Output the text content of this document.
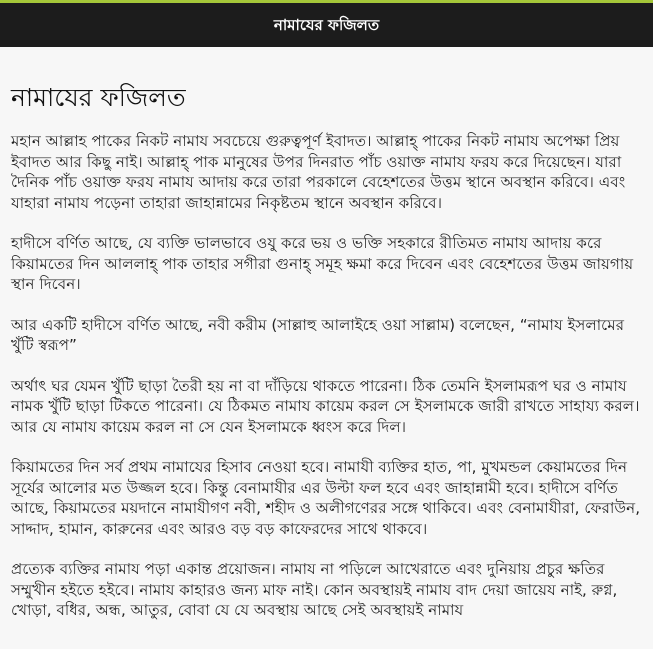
নামাযের ফজিলত
নামাযের ফজিলত

মহান আল্লাহ পাকের নিকট নামায সবচেয়ে গুরুত্বপূর্ণ ইবাদত। আল্লাহ্‌ পাকের নিকট নামায অপেক্ষা প্রিয় ইবাদত আর কিছু নাই। আল্লাহ্‌ পাক মানুষের উপর দিনরাত পাঁচ ওয়াক্ত নামায ফরয করে দিয়েছেন। যারা দৈনিক পাঁচ ওয়াক্ত ফরয নামায আদায় করে তারা পরকালে বেহেশতের উত্তম স্থানে অবস্থান করিবে। এবং যাহারা নামায পড়েনা তাহারা জাহান্নামের নিকৃষ্টতম স্থানে অবস্থান করিবে।

হাদীসে বর্ণিত আছে, যে ব্যক্তি ভালভাবে ওযু করে ভয় ও ভক্তি সহকারে রীতিমত নামায আদায় করে কিয়ামতের দিন আললাহ্‌ পাক তাহার সগীরা গুনাহ্‌ সমূহ ক্ষমা করে দিবেন এবং বেহেশতের উত্তম জায়গায় স্থান দিবেন।

আর একটি হাদীসে বর্ণিত আছে, নবী করীম (সাল্লাহু আলাইহে ওয়া সাল্লাম) বলেছেন, “নামায ইসলামের খুঁটি স্বরূপ”

অর্থাৎ ঘর যেমন খুঁটি ছাড়া তৈরী হয় না বা দাঁড়িয়ে থাকতে পারেনা। ঠিক তেমনি ইসলামরূপ ঘর ও নামায নামক খুঁটি ছাড়া টিকতে পারেনা। যে ঠিকমত নামায কায়েম করল সে ইসলামকে জারী রাখতে সাহায্য করল। আর যে নামায কায়েম করল না সে যেন ইসলামকে ধ্বংস করে দিল।

কিয়ামতের দিন সর্ব প্রথম নামাযের হিসাব নেওয়া হবে। নামাযী ব্যক্তির হাত, পা, মুখমন্ডল কেয়ামতের দিন সূর্যের আলোর মত উজ্জল হবে। কিন্তু বেনামাযীর এর উল্টা ফল হবে এবং জাহান্নামী হবে। হাদীসে বর্ণিত আছে, কিয়ামতের ময়দানে নামাযীগণ নবী, শহীদ ও অলীগণেরর সঙ্গে থাকিবে। এবং বেনামাযীরা, ফেরাউন, সাদ্দাদ, হামান, কারুনের এবং আরও বড় বড় কাফেরদের সাথে থাকবে।

প্রত্যেক ব্যক্তির নামায পড়া একান্ত প্রয়োজন। নামায না পড়িলে আখেরাতে এবং দুনিয়ায় প্রচুর ক্ষতির সম্মুখীন হইতে হইবে। নামায কাহারও জন্য মাফ নাই। কোন অবস্থায়ই নামায বাদ দেয়া জায়েয নাই, রুগ্ন, খোড়া, বধির, অন্ধ, আতুর, বোবা যে যে অবস্থায় আছে সেই অবস্থায়ই নামায
